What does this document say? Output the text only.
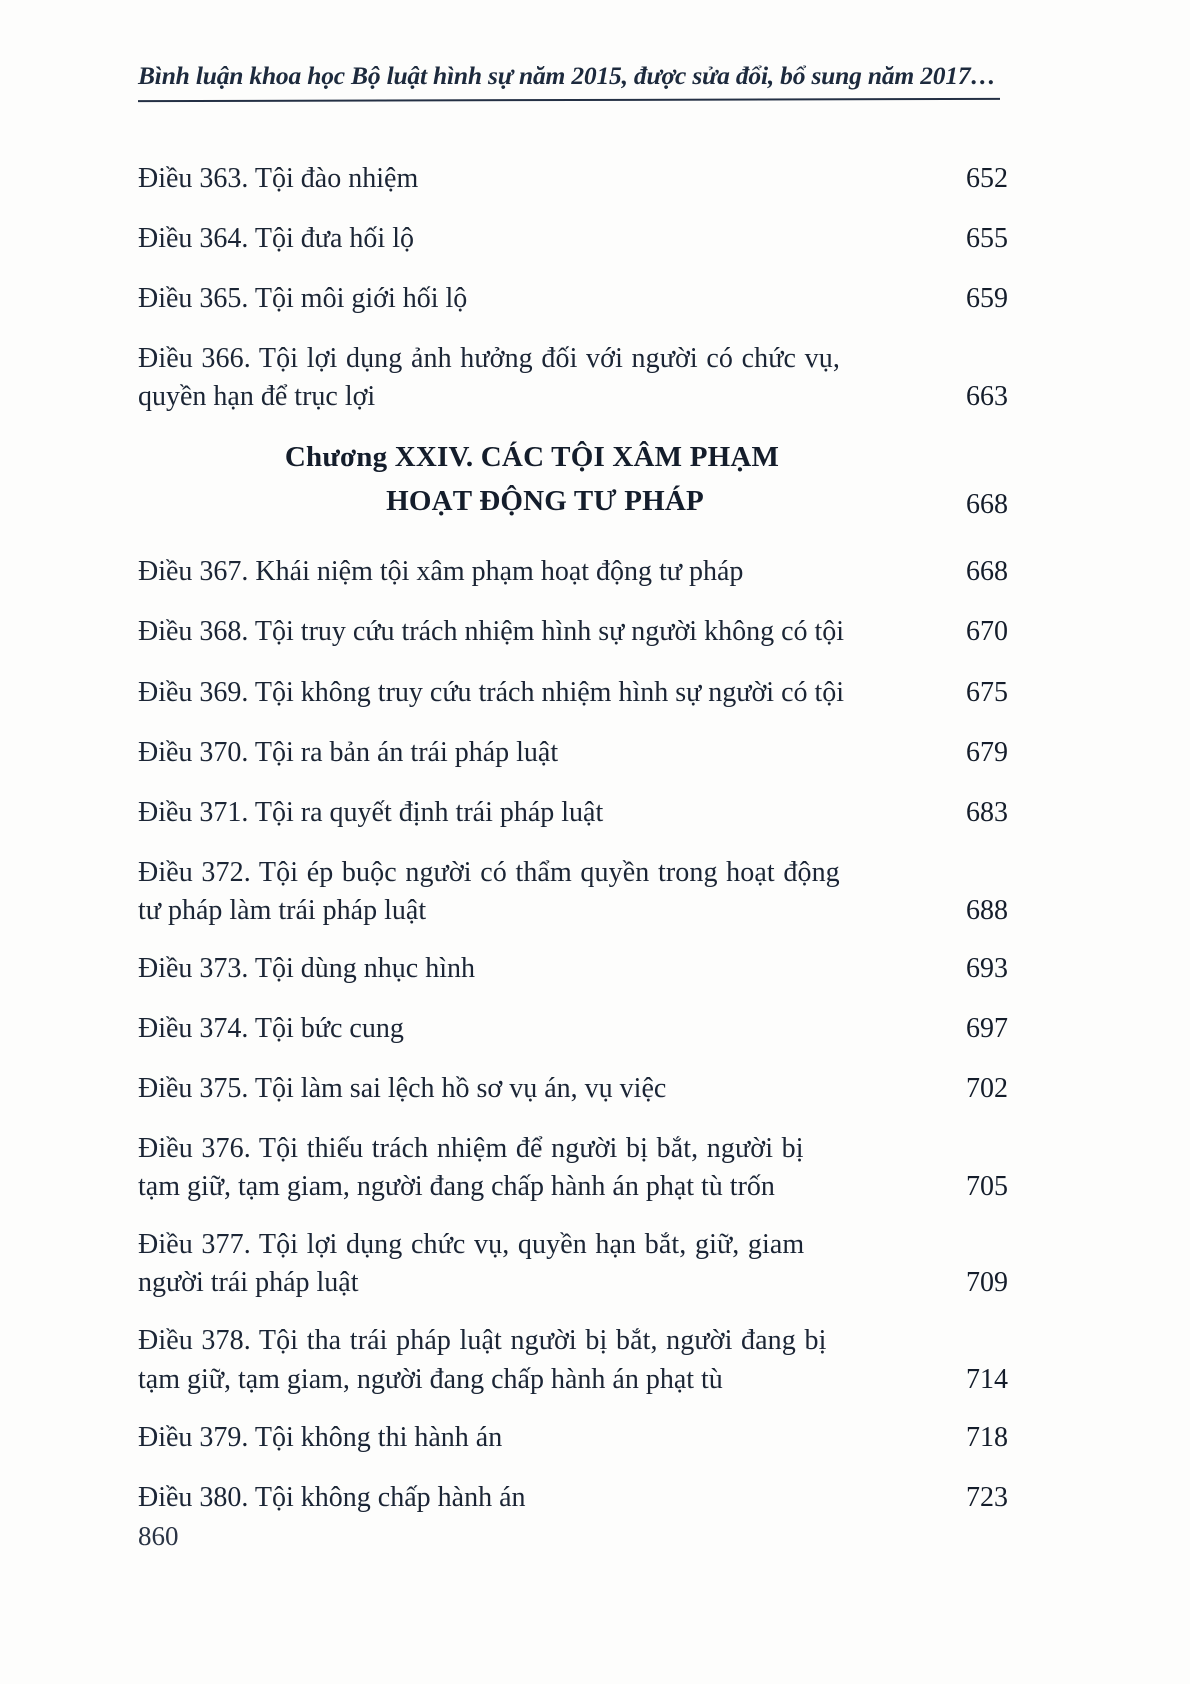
Bình luận khoa học Bộ luật hình sự năm 2015, được sửa đổi, bổ sung năm 2017…
Điều 363. Tội đào nhiệm	652
Điều 364. Tội đưa hối lộ	655
Điều 365. Tội môi giới hối lộ	659
Điều 366. Tội lợi dụng ảnh hưởng đối với người có chức vụ,
quyền hạn để trục lợi	663
Chương XXIV. CÁC TỘI XÂM PHẠM
HOẠT ĐỘNG TƯ PHÁP	668
Điều 367. Khái niệm tội xâm phạm hoạt động tư pháp	668
Điều 368. Tội truy cứu trách nhiệm hình sự người không có tội	670
Điều 369. Tội không truy cứu trách nhiệm hình sự người có tội	675
Điều 370. Tội ra bản án trái pháp luật	679
Điều 371. Tội ra quyết định trái pháp luật	683
Điều 372. Tội ép buộc người có thẩm quyền trong hoạt động
tư pháp làm trái pháp luật	688
Điều 373. Tội dùng nhục hình	693
Điều 374. Tội bức cung	697
Điều 375. Tội làm sai lệch hồ sơ vụ án, vụ việc	702
Điều 376. Tội thiếu trách nhiệm để người bị bắt, người bị
tạm giữ, tạm giam, người đang chấp hành án phạt tù trốn	705
Điều 377. Tội lợi dụng chức vụ, quyền hạn bắt, giữ, giam
người trái pháp luật	709
Điều 378. Tội tha trái pháp luật người bị bắt, người đang bị
tạm giữ, tạm giam, người đang chấp hành án phạt tù	714
Điều 379. Tội không thi hành án	718
Điều 380. Tội không chấp hành án	723
860
